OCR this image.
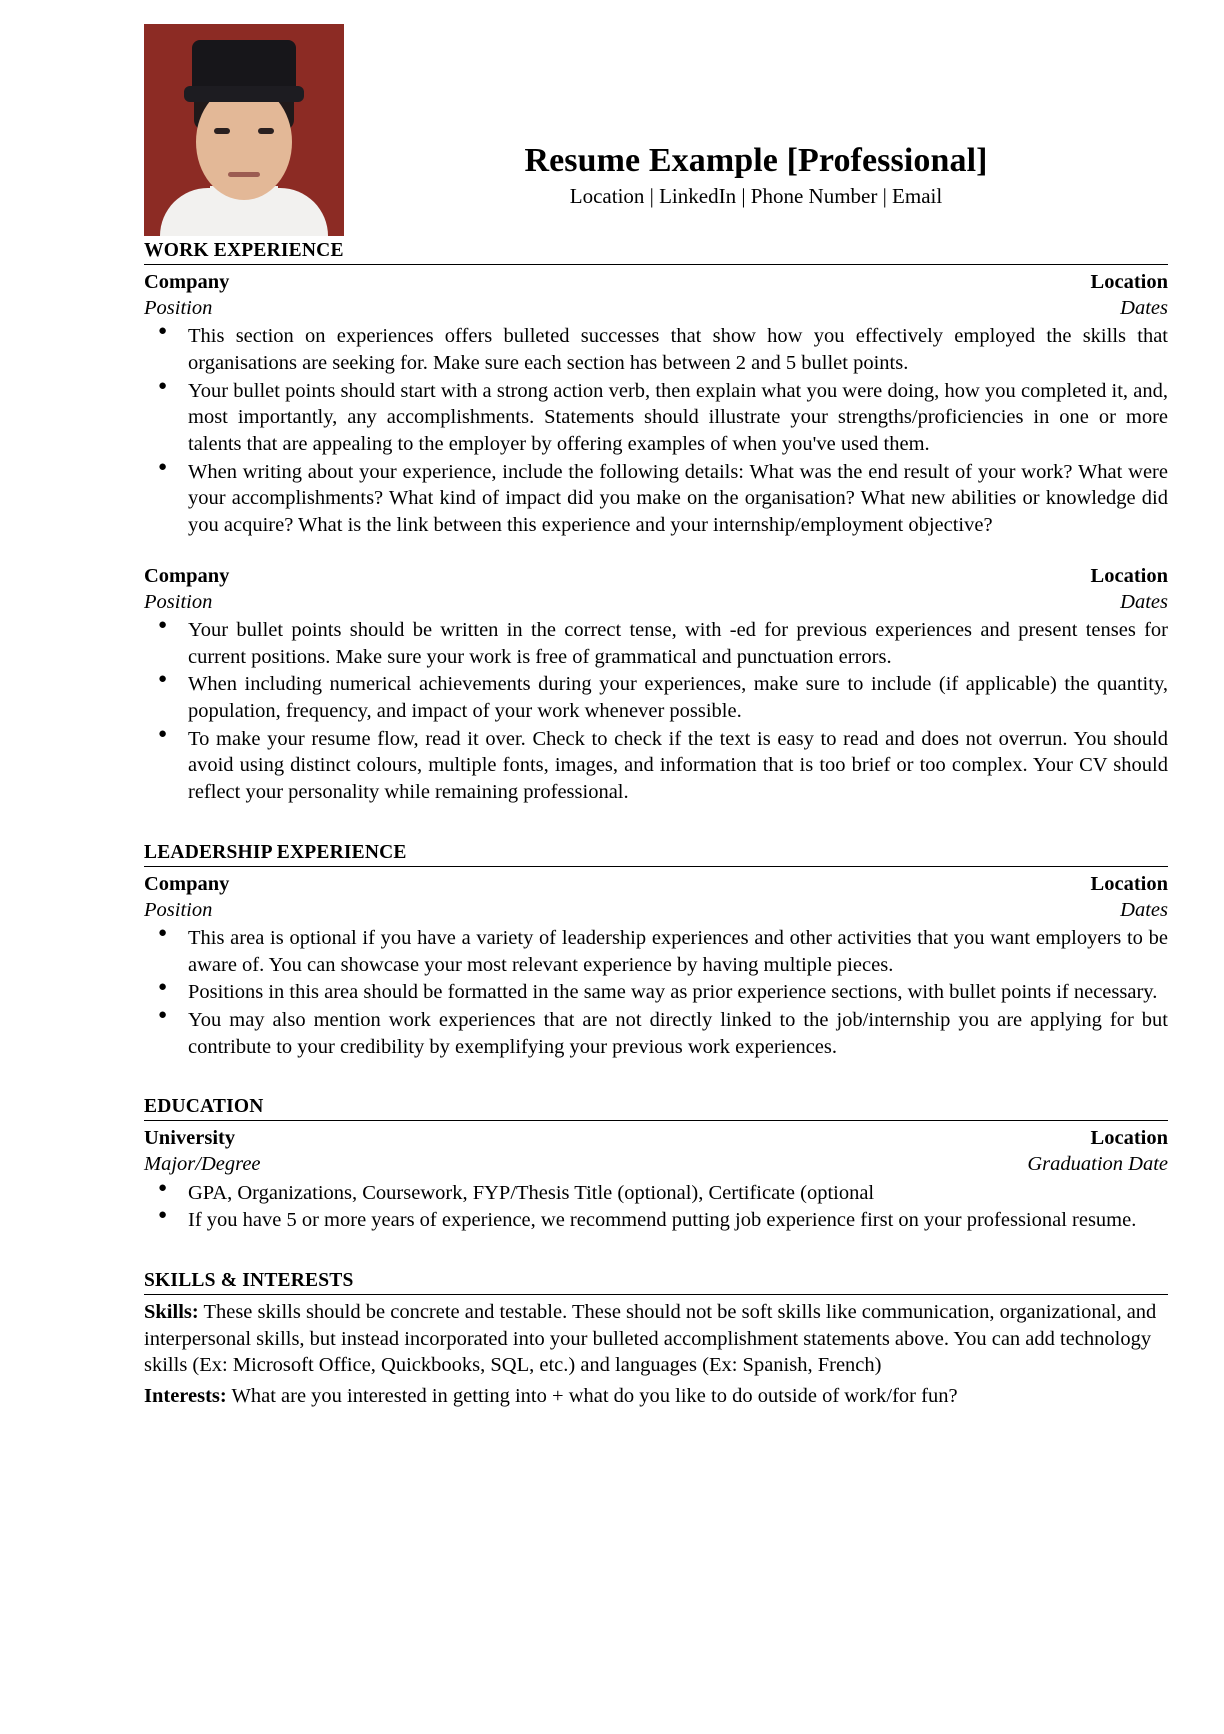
Resume Example [Professional]
Location | LinkedIn | Phone Number | Email
WORK EXPERIENCE
Company	Location
Position	Dates
● This section on experiences offers bulleted successes that show how you effectively employed the skills that organisations are seeking for. Make sure each section has between 2 and 5 bullet points.
● Your bullet points should start with a strong action verb, then explain what you were doing, how you completed it, and, most importantly, any accomplishments. Statements should illustrate your strengths/proficiencies in one or more talents that are appealing to the employer by offering examples of when you've used them.
● When writing about your experience, include the following details: What was the end result of your work? What were your accomplishments? What kind of impact did you make on the organisation? What new abilities or knowledge did you acquire? What is the link between this experience and your internship/employment objective?
Company	Location
Position	Dates
● Your bullet points should be written in the correct tense, with -ed for previous experiences and present tenses for current positions. Make sure your work is free of grammatical and punctuation errors.
● When including numerical achievements during your experiences, make sure to include (if applicable) the quantity, population, frequency, and impact of your work whenever possible.
● To make your resume flow, read it over. Check to check if the text is easy to read and does not overrun. You should avoid using distinct colours, multiple fonts, images, and information that is too brief or too complex. Your CV should reflect your personality while remaining professional.
LEADERSHIP EXPERIENCE
Company	Location
Position	Dates
● This area is optional if you have a variety of leadership experiences and other activities that you want employers to be aware of. You can showcase your most relevant experience by having multiple pieces.
● Positions in this area should be formatted in the same way as prior experience sections, with bullet points if necessary.
● You may also mention work experiences that are not directly linked to the job/internship you are applying for but contribute to your credibility by exemplifying your previous work experiences.
EDUCATION
University	Location
Major/Degree	Graduation Date
● GPA, Organizations, Coursework, FYP/Thesis Title (optional), Certificate (optional
● If you have 5 or more years of experience, we recommend putting job experience first on your professional resume.
SKILLS & INTERESTS
Skills: These skills should be concrete and testable. These should not be soft skills like communication, organizational, and interpersonal skills, but instead incorporated into your bulleted accomplishment statements above. You can add technology skills (Ex: Microsoft Office, Quickbooks, SQL, etc.) and languages (Ex: Spanish, French)
Interests: What are you interested in getting into + what do you like to do outside of work/for fun?
